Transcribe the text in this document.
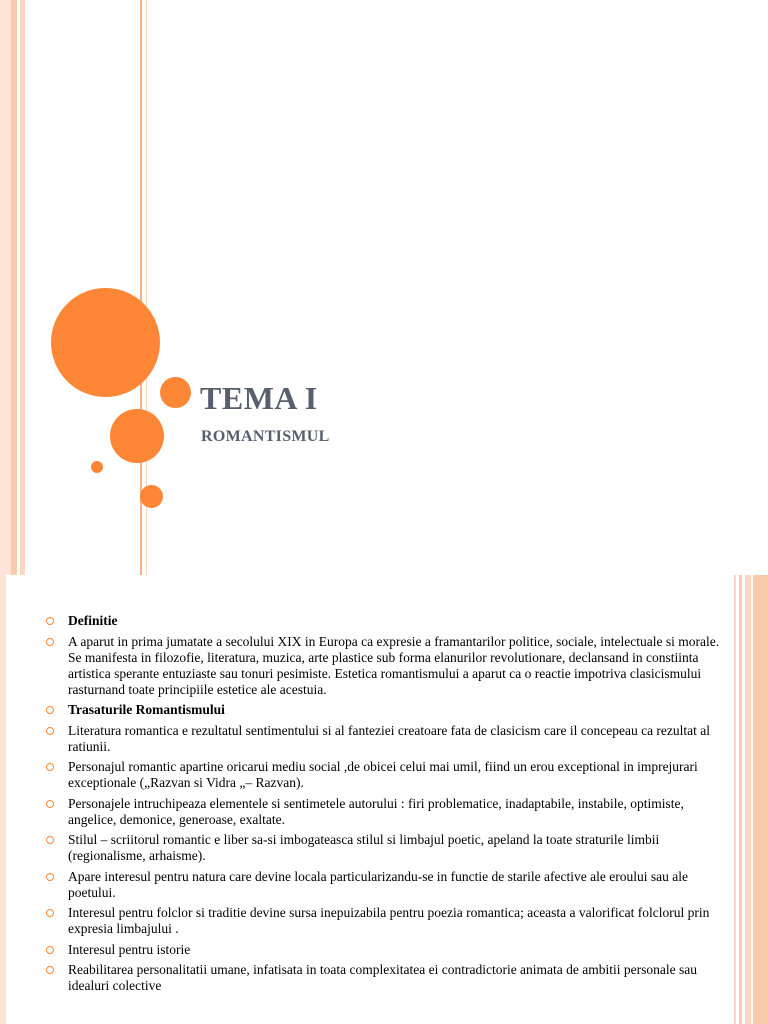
TEMA I
ROMANTISMUL
Definitie
A aparut in prima jumatate a secolului XIX in Europa ca expresie a framantarilor politice, sociale, intelectuale si morale. Se manifesta in filozofie, literatura, muzica, arte plastice sub forma elanurilor revolutionare, declansand in constiinta artistica sperante entuziaste sau tonuri pesimiste. Estetica romantismului a aparut ca o reactie impotriva clasicismului rasturnand toate principiile estetice ale acestuia.
Trasaturile Romantismului
Literatura romantica e rezultatul sentimentului si al fanteziei creatoare fata de clasicism care il concepeau ca rezultat al ratiunii.
Personajul romantic apartine oricarui mediu social ,de obicei celui mai umil, fiind un erou exceptional in imprejurari exceptionale („Razvan si Vidra „– Razvan).
Personajele intruchipeaza elementele si sentimetele autorului : firi problematice, inadaptabile, instabile, optimiste, angelice, demonice, generoase, exaltate.
Stilul – scriitorul romantic e liber sa-si imbogateasca stilul si limbajul poetic, apeland la toate straturile limbii (regionalisme, arhaisme).
Apare interesul pentru natura care devine locala particularizandu-se in functie de starile afective ale eroului sau ale poetului.
Interesul pentru folclor si traditie devine sursa inepuizabila pentru poezia romantica; aceasta a valorificat folclorul prin expresia limbajului .
Interesul pentru istorie
Reabilitarea personalitatii umane, infatisata in toata complexitatea ei contradictorie animata de ambitii personale sau idealuri colective
